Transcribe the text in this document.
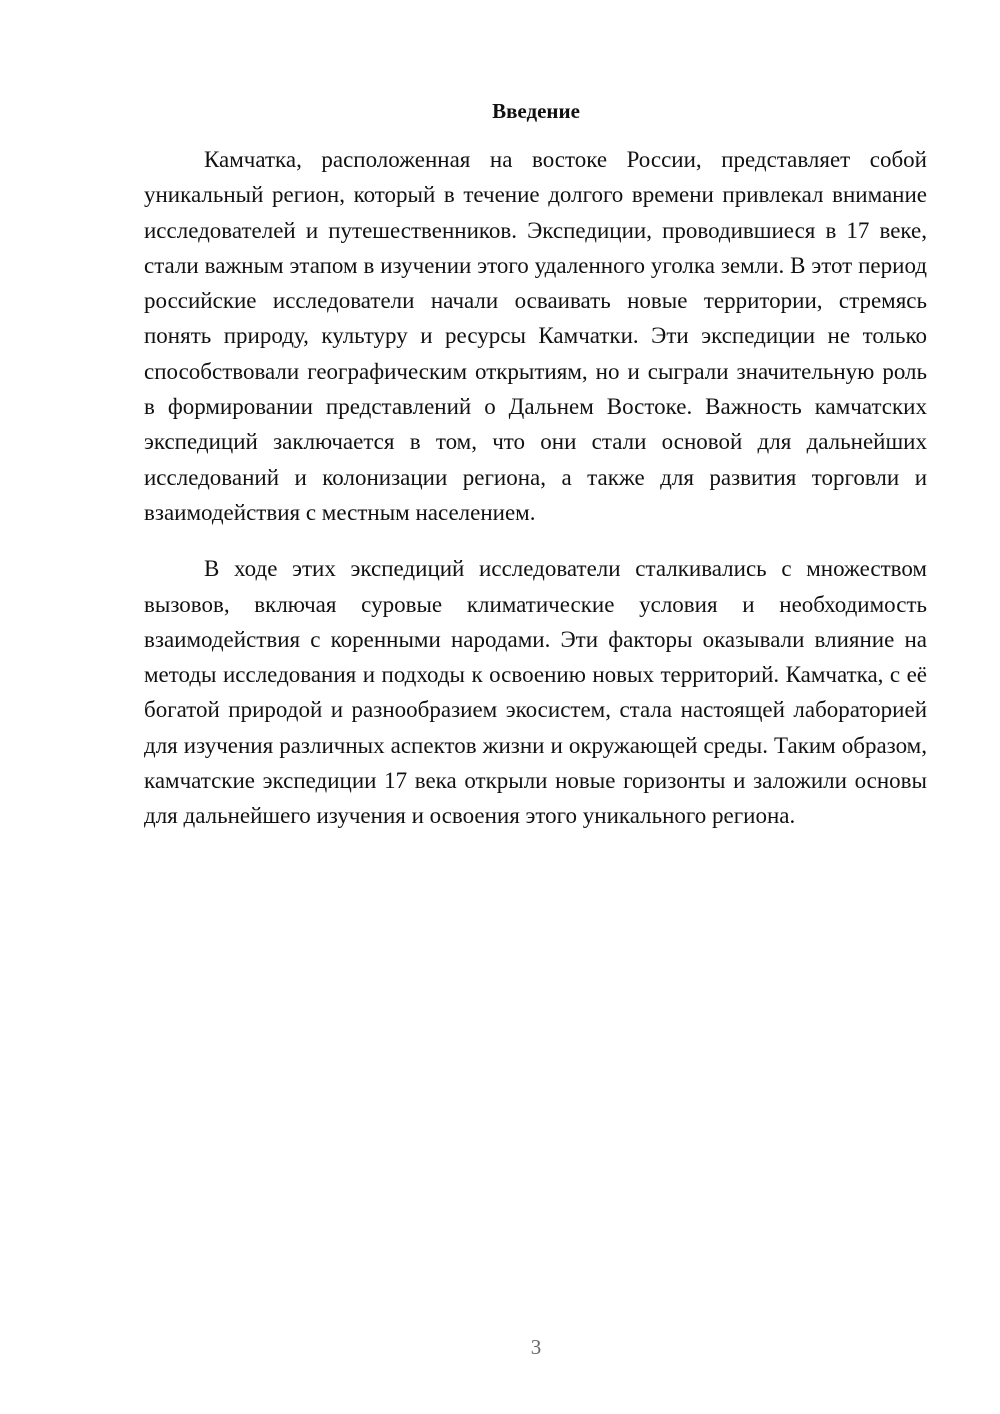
Введение

Камчатка, расположенная на востоке России, представляет собой уникальный регион, который в течение долгого времени привлекал внимание исследователей и путешественников. Экспедиции, проводившиеся в 17 веке, стали важным этапом в изучении этого удаленного уголка земли. В этот период российские исследователи начали осваивать новые территории, стремясь понять природу, культуру и ресурсы Камчатки. Эти экспедиции не только способствовали географическим открытиям, но и сыграли значительную роль в формировании представлений о Дальнем Востоке. Важность камчатских экспедиций заключается в том, что они стали основой для дальнейших исследований и колонизации региона, а также для развития торговли и взаимодействия с местным населением.

В ходе этих экспедиций исследователи сталкивались с множеством вызовов, включая суровые климатические условия и необходимость взаимодействия с коренными народами. Эти факторы оказывали влияние на методы исследования и подходы к освоению новых территорий. Камчатка, с её богатой природой и разнообразием экосистем, стала настоящей лабораторией для изучения различных аспектов жизни и окружающей среды. Таким образом, камчатские экспедиции 17 века открыли новые горизонты и заложили основы для дальнейшего изучения и освоения этого уникального региона.

3
